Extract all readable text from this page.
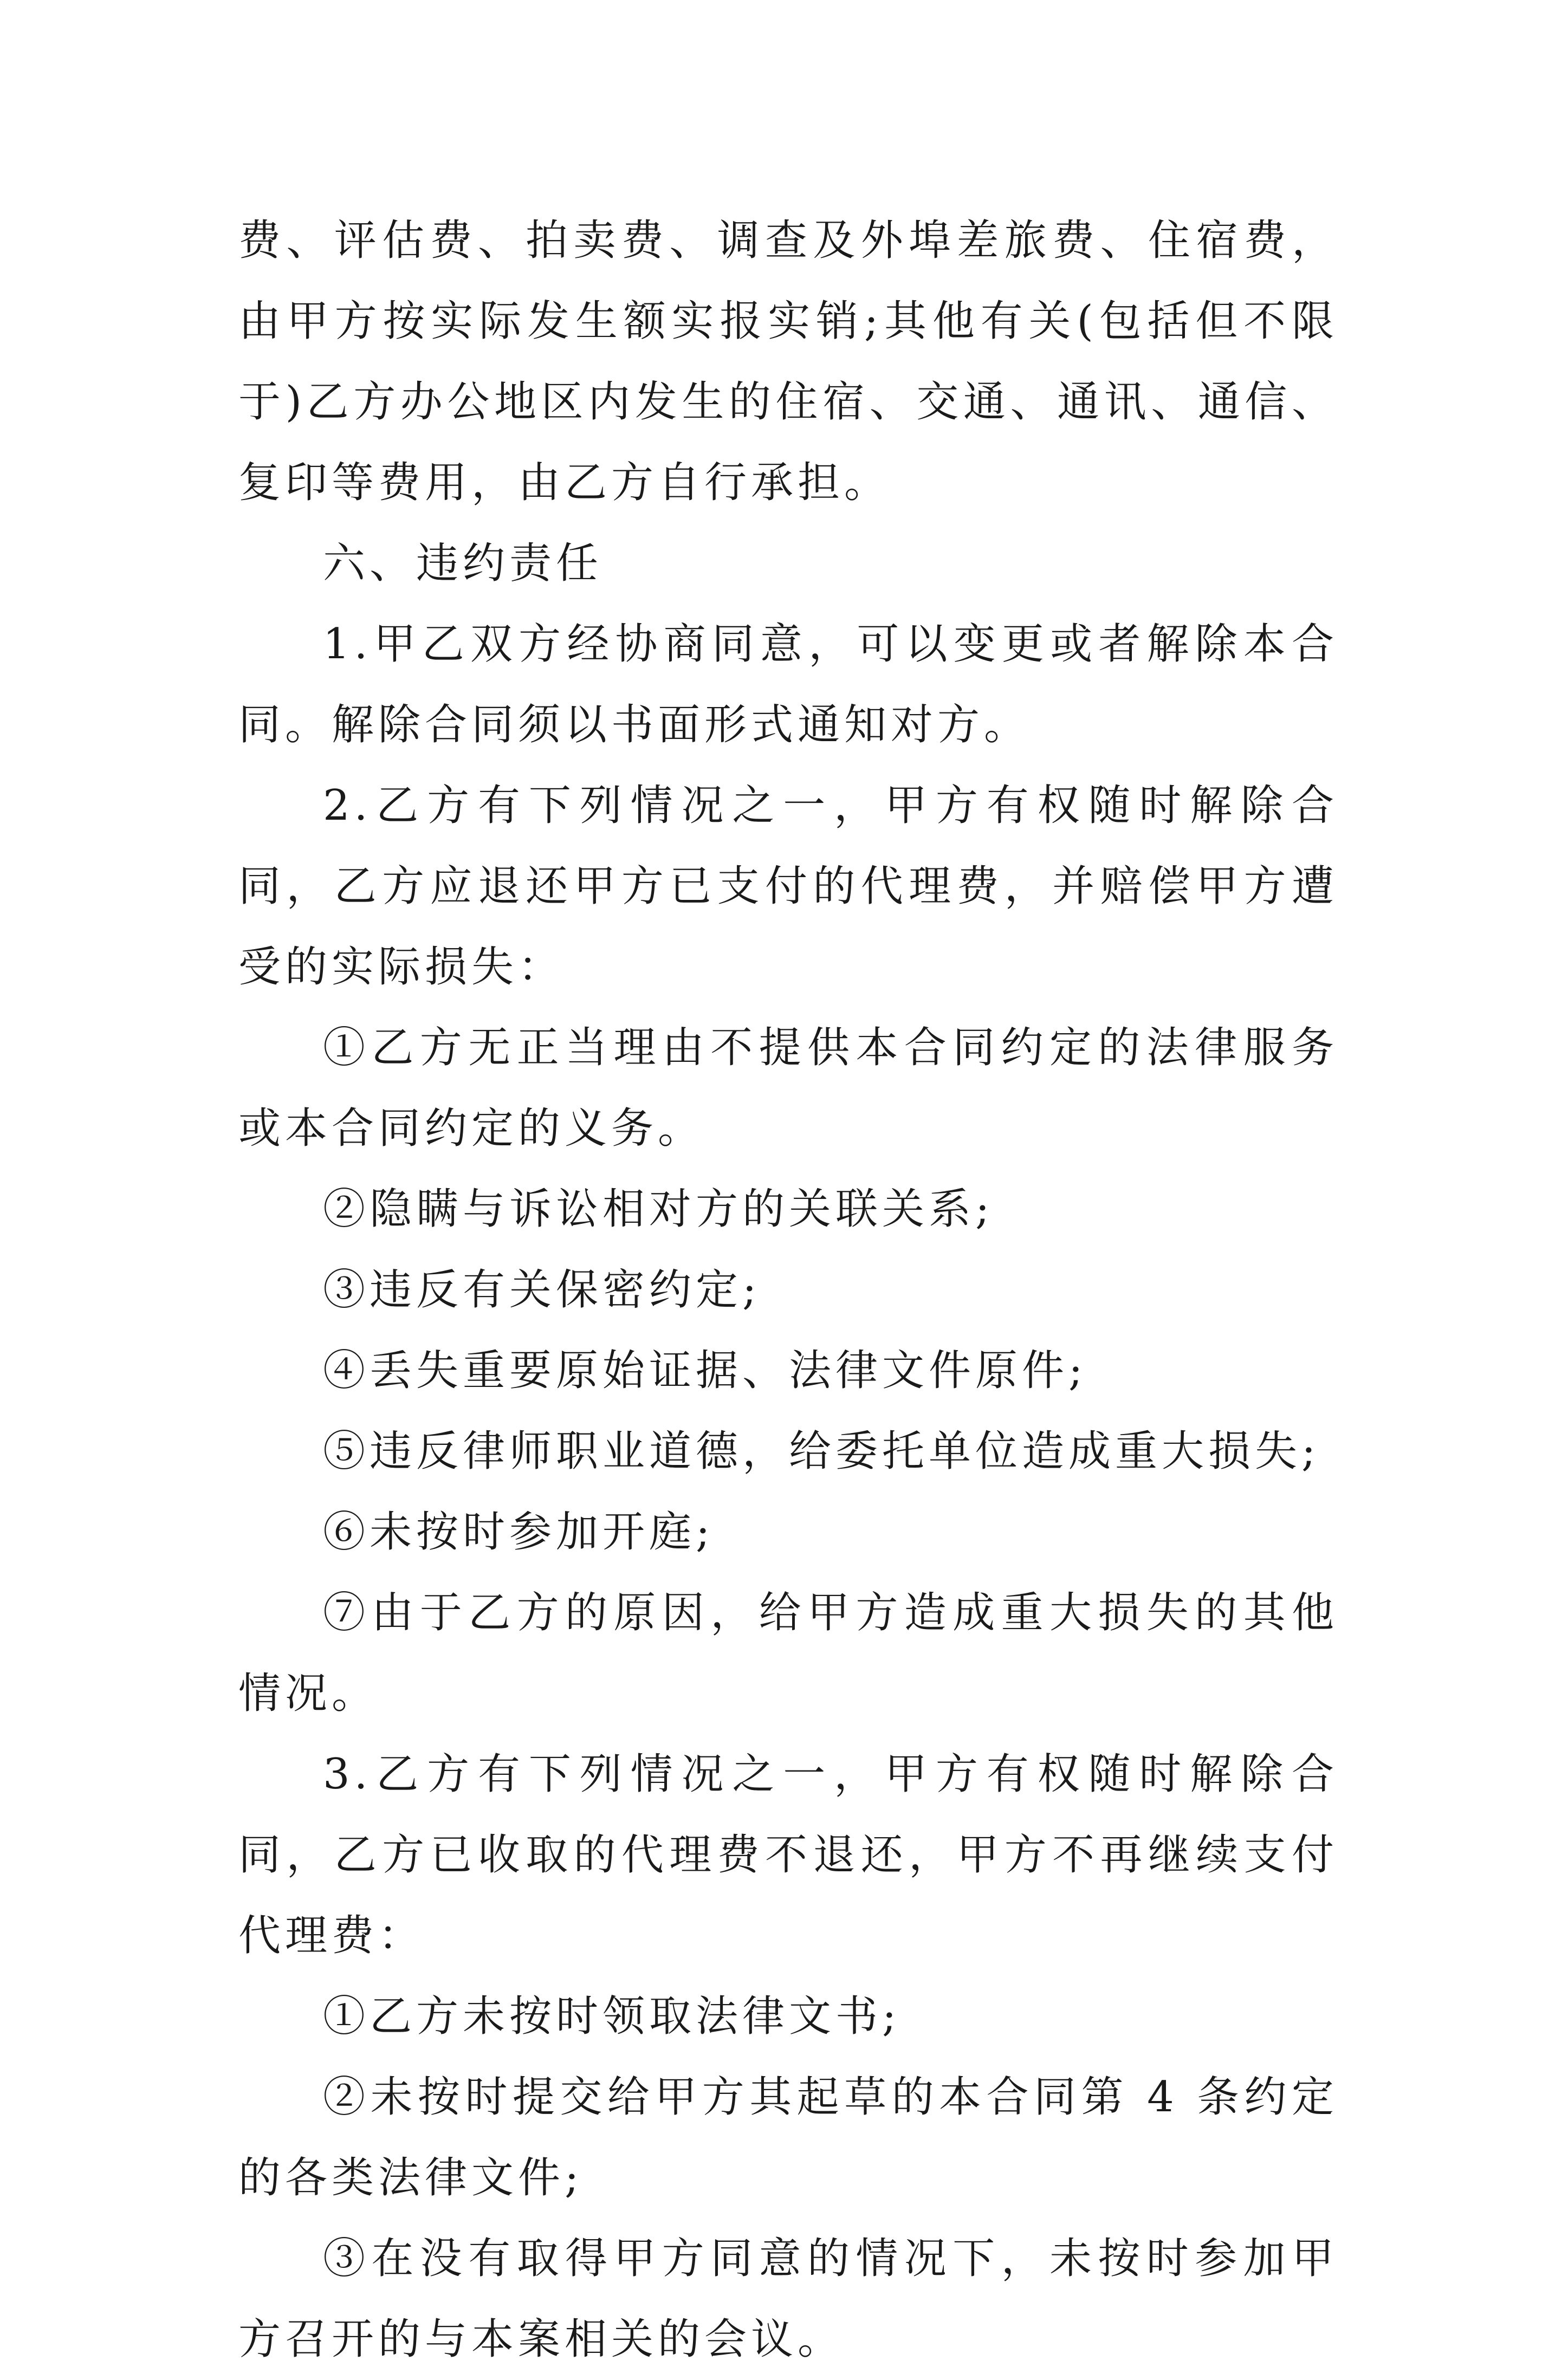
费、评估费、拍卖费、调查及外埠差旅费、住宿费，由甲方按实际发生额实报实销;其他有关(包括但不限于)乙方办公地区内发生的住宿、交通、通讯、通信、复印等费用，由乙方自行承担。

六、违约责任

1.甲乙双方经协商同意，可以变更或者解除本合同。解除合同须以书面形式通知对方。

2.乙方有下列情况之一，甲方有权随时解除合同，乙方应退还甲方已支付的代理费，并赔偿甲方遭受的实际损失：

①乙方无正当理由不提供本合同约定的法律服务或本合同约定的义务。

②隐瞒与诉讼相对方的关联关系;

③违反有关保密约定;

④丢失重要原始证据、法律文件原件;

⑤违反律师职业道德，给委托单位造成重大损失;

⑥未按时参加开庭;

⑦由于乙方的原因，给甲方造成重大损失的其他情况。

3.乙方有下列情况之一，甲方有权随时解除合同，乙方已收取的代理费不退还，甲方不再继续支付代理费：

①乙方未按时领取法律文书;

②未按时提交给甲方其起草的本合同第 4 条约定的各类法律文件;

③在没有取得甲方同意的情况下，未按时参加甲方召开的与本案相关的会议。
